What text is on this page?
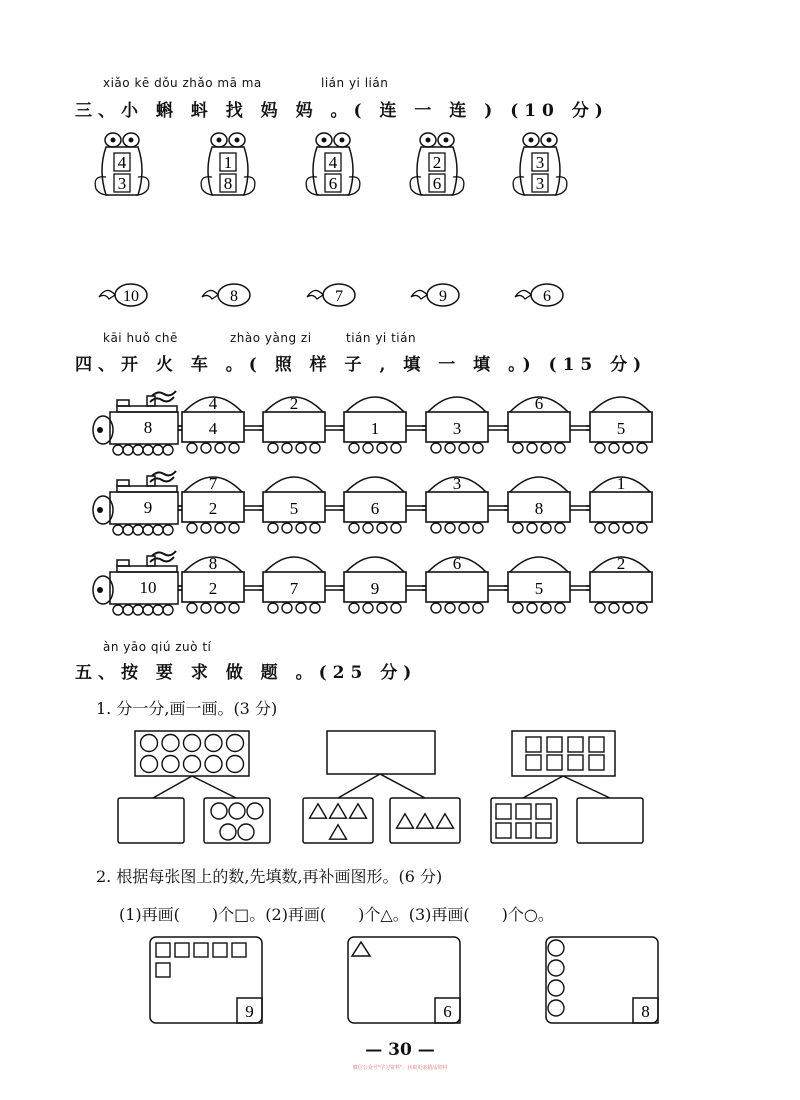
xiǎo kē dǒu zhǎo mā ma	lián yi lián
三、小 蝌 蚪 找 妈 妈 。( 连 一 连 ) (10 分)
4
3
1
8
4
6
2
6
3
3
10	8	7	9	6
kāi huǒ chē	zhào yàng zi	tián yi tián
四、开 火 车 。( 照 样 子 , 填 一 填 。) (15 分)
8
4
4
2
1	3
6
5
9
7
2	5	6
3
8
1
10
8
2	7	9
6
5
2
àn yāo qiú zuò tí
五、按 要 求 做 题 。(25 分)
1. 分一分,画一画。(3 分)
2. 根据每张图上的数,先填数,再补画图形。(6 分)
(1)再画(　　)个□。(2)再画(　　)个△。(3)再画(　　)个○。
9	6	8
— 30 —
微信公众号"学习资料"，获取更多精品资料
